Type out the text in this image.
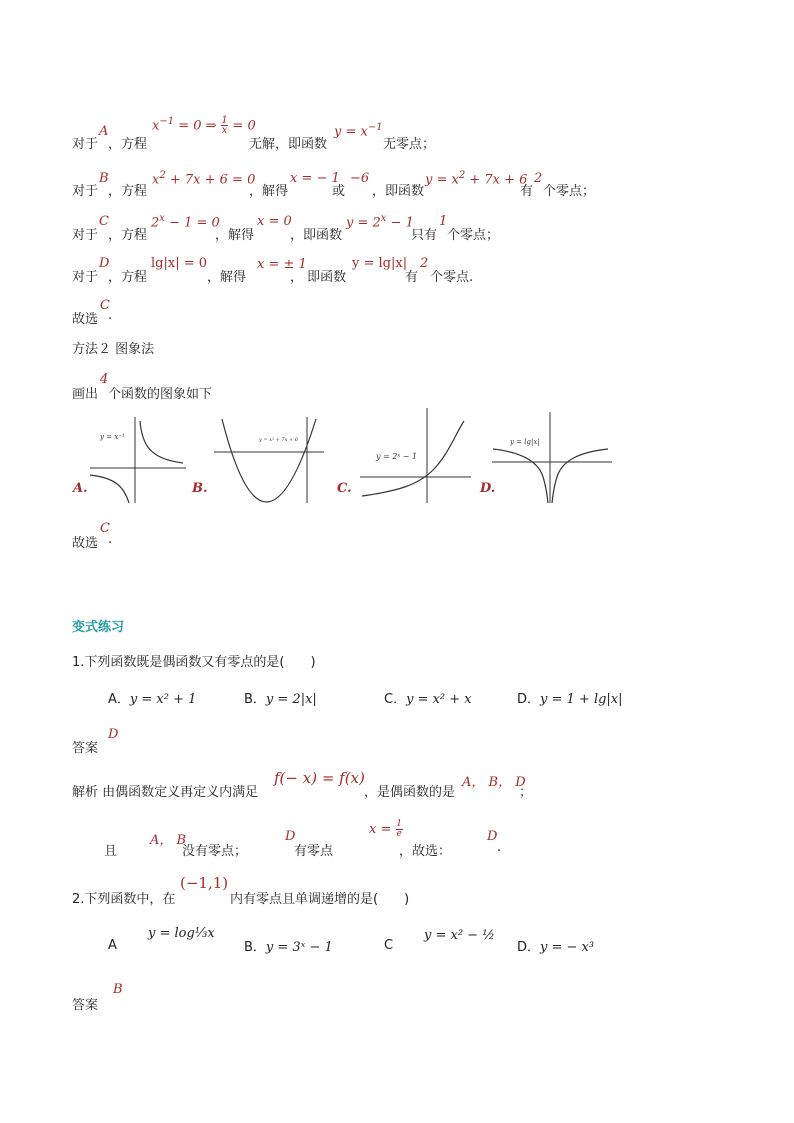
对于
A
，方程
$x^{-1} = 0$ ⇒ 1
x = 0
无解，即函数
$y = x^{-1}$
无零点；
对于
B
，方程
$x^2 + 7x + 6 = 0$
，解得
x = − 1
或
−6
，即函数
$y = x^2 + 7x + 6$
有
2
个零点；
对于
C
，方程
$2^x - 1 = 0$
，解得
x = 0
，即函数
$y = 2^x - 1$
只有
1
个零点；
对于
D
，方程
lg|x| = 0
，解得
x = ± 1
， 即函数
y = lg|x|
有
2
个零点.
故选
C
.
方法２ 图象法
画出
4
个函数的图象如下
A.
y = x⁻¹
B.
y = x² + 7x + 6
C.
y = 2ˣ − 1
D.
y = lg|x|
故选
C
.
变式练习
1.下列函数既是偶函数又有零点的是(　　)
A．y = x² + 1	B．y = 2|x|	C．y = x² + x	D．y = 1 + lg|x|
答案
D
解析 由偶函数定义再定义内满足
f(− x) = f(x)
，是偶函数的是
A， B， D
；
且
A， B
没有零点；
D
有零点
x = 1
e
，故选：
D
.
2.下列函数中，在
(−1,1)
内有零点且单调递增的是(　　)
A
y = log⅓x
B．y = 3ˣ − 1	C
y = x² − ½
D．y = − x³
答案
B
